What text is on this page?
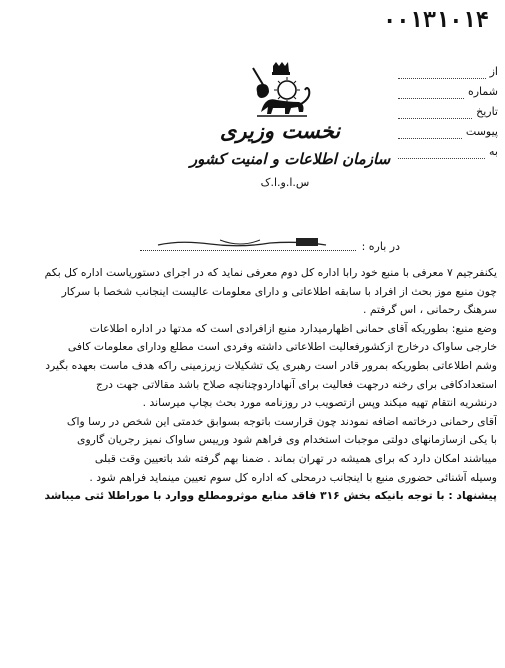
۰۰۱۳۱۰۱۴
نخست وزیری
سازمان اطلاعات و امنیت کشور
س.ا.و.ا.ک
از
شماره
تاریخ
پیوست
به
در باره :
یکنفرجیم ۷ معرفی با منبع خود رابا اداره کل دوم معرفی نماید که در اجرای دستوریاست اداره کل بکم
چون منبع موز بحث از افراد با سابقه اطلاعاتی و دارای معلومات عالیست اینجانب شخصا با سرکار
سرهنگ رحمانی ، اس گرفتم .
وضع منبع: بطوریکه آقای حمانی اظهارمیدارد منبع ازافرادی است که مدتها در اداره اطلاعات
خارجی ساواک درخارج ازکشورفعالیت اطلاعاتی داشته وفردی است مطلع ودارای معلومات کافی
وشم اطلاعاتی بطوریکه بمرور قادر است رهبری یک تشکیلات زیرزمینی راکه هدف ماست بعهده بگیرد
استعدادکافی برای رخنه درجهت فعالیت برای آنهاداردوچنانچه صلاح باشد مقالاتی جهت درج
درنشریه انتقام تهیه میکند وپس ازتصویب در روزنامه مورد بحث بچاپ میرساند .
آقای رحمانی درخاتمه اضافه نمودند چون قرارست باتوجه بسوابق خدمتی این شخص در رسا واک
با یکی ازسازمانهای دولتی موجبات استخدام وی فراهم شود ورییس ساواک نمیز رجریان گاروی
میباشند امکان دارد که برای همیشه در تهران بماند . ضمنا بهم گرفته شد باتعیین وقت قبلی
وسیله آشنائی حضوری منبع با اینجانب درمحلی که اداره کل سوم تعیین مینماید فراهم شود .
پیشنهاد : با توجه بانیکه بخش ۳۱۶ فاقد منابع موثرومطلع ووارد با موراطلا ئتی میباشد
